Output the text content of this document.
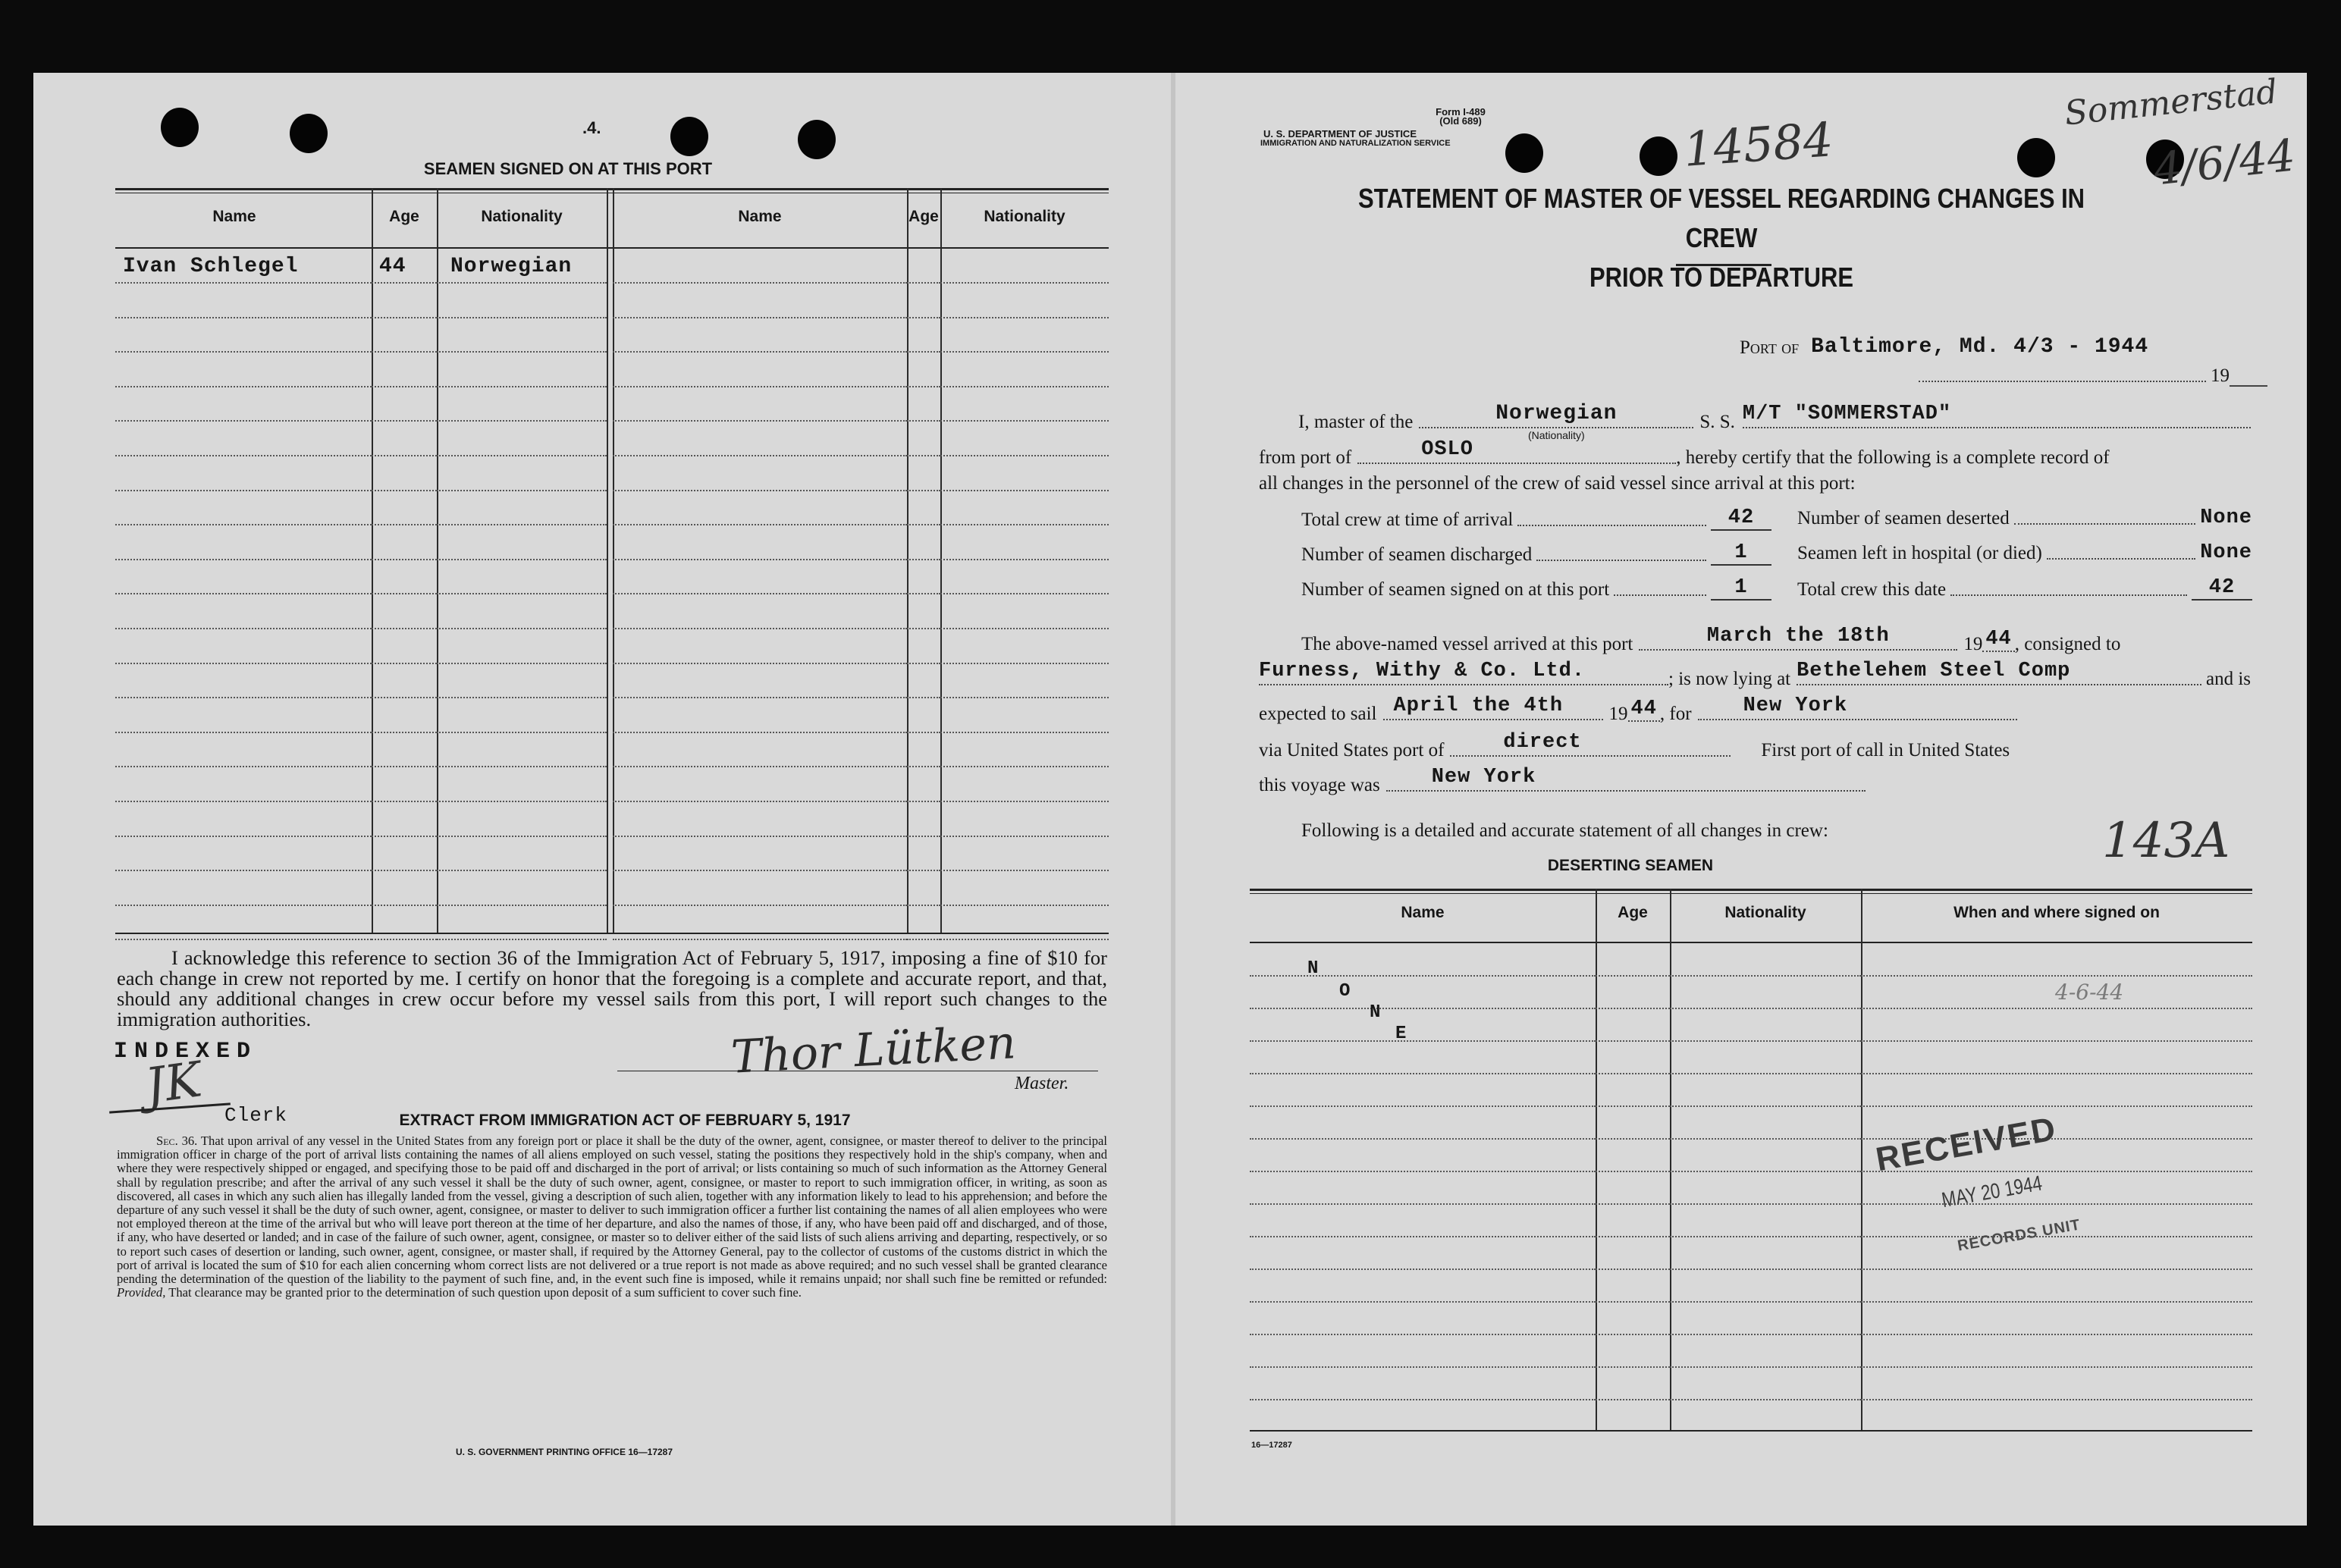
.4.
SEAMEN SIGNED ON AT THIS PORT
Name	Age	Nationality	Name	Age	Nationality
Ivan Schlegel	44 Norwegian
I acknowledge this reference to section 36 of the Immigration Act of February 5, 1917, imposing a fine of $10 for each change in crew not reported by me. I certify on honor that the foregoing is a complete and accurate report, and that, should any additional changes in crew occur before my vessel sails from this port, I will report such changes to the immigration authorities.
INDEXED
JK
Clerk
Thor Lütken
Master.
EXTRACT FROM IMMIGRATION ACT OF FEBRUARY 5, 1917
Sec. 36. That upon arrival of any vessel in the United States from any foreign port or place it shall be the duty of the owner, agent, consignee, or master thereof to deliver to the principal immigration officer in charge of the port of arrival lists containing the names of all aliens employed on such vessel, stating the positions they respectively hold in the ship's company, when and where they were respectively shipped or engaged, and specifying those to be paid off and discharged in the port of arrival; or lists containing so much of such information as the Attorney General shall by regulation prescribe; and after the arrival of any such vessel it shall be the duty of such owner, agent, consignee, or master to report to such immigration officer, in writing, as soon as discovered, all cases in which any such alien has illegally landed from the vessel, giving a description of such alien, together with any information likely to lead to his apprehension; and before the departure of any such vessel it shall be the duty of such owner, agent, consignee, or master to deliver to such immigration officer a further list containing the names of all alien employees who were not employed thereon at the time of the arrival but who will leave port thereon at the time of her departure, and also the names of those, if any, who have been paid off and discharged, and of those, if any, who have deserted or landed; and in case of the failure of such owner, agent, consignee, or master so to deliver either of the said lists of such aliens arriving and departing, respectively, or so to report such cases of desertion or landing, such owner, agent, consignee, or master shall, if required by the Attorney General, pay to the collector of customs of the customs district in which the port of arrival is located the sum of $10 for each alien concerning whom correct lists are not delivered or a true report is not made as above required; and no such vessel shall be granted clearance pending the determination of the question of the liability to the payment of such fine, and, in the event such fine is imposed, while it remains unpaid; nor shall such fine be remitted or refunded: Provided, That clearance may be granted prior to the determination of such question upon deposit of a sum sufficient to cover such fine.
U. S. GOVERNMENT PRINTING OFFICE 16—17287
Form I-489
(Old 689)
U. S. DEPARTMENT OF JUSTICE
IMMIGRATION AND NATURALIZATION SERVICE	14584
Sommerstad
4/6/44
STATEMENT OF MASTER OF VESSEL REGARDING CHANGES IN CREW
PRIOR TO DEPARTURE
Port of Baltimore, Md. 4/3 - 1944
19
I, master of the	Norwegian
(Nationality)
S. S. M/T "SOMMERSTAD"
from port of	OSLO	, hereby certify that the following is a complete record of
all changes in the personnel of the crew of said vessel since arrival at this port:
Total crew at time of arrival	42	Number of seamen deserted	None
Number of seamen discharged	1	Seamen left in hospital (or died)	None
Number of seamen signed on at this port	1	Total crew this date	42
The above-named vessel arrived at this port	March the 18th	19 44 , consigned to
Furness, Withy & Co. Ltd.	; is now lying at Bethelehem Steel Comp	and is
expected to sail April the 4th	19 44 , for	New York
via United States port of	direct	First port of call in United States
this voyage was	New York
Following is a detailed and accurate statement of all changes in crew:
DESERTING SEAMEN	143A
Name	Age	Nationality	When and where signed on
N
O
N
E
4-6-44
RECEIVED
MAY 20 1944
RECORDS UNIT
16—17287
